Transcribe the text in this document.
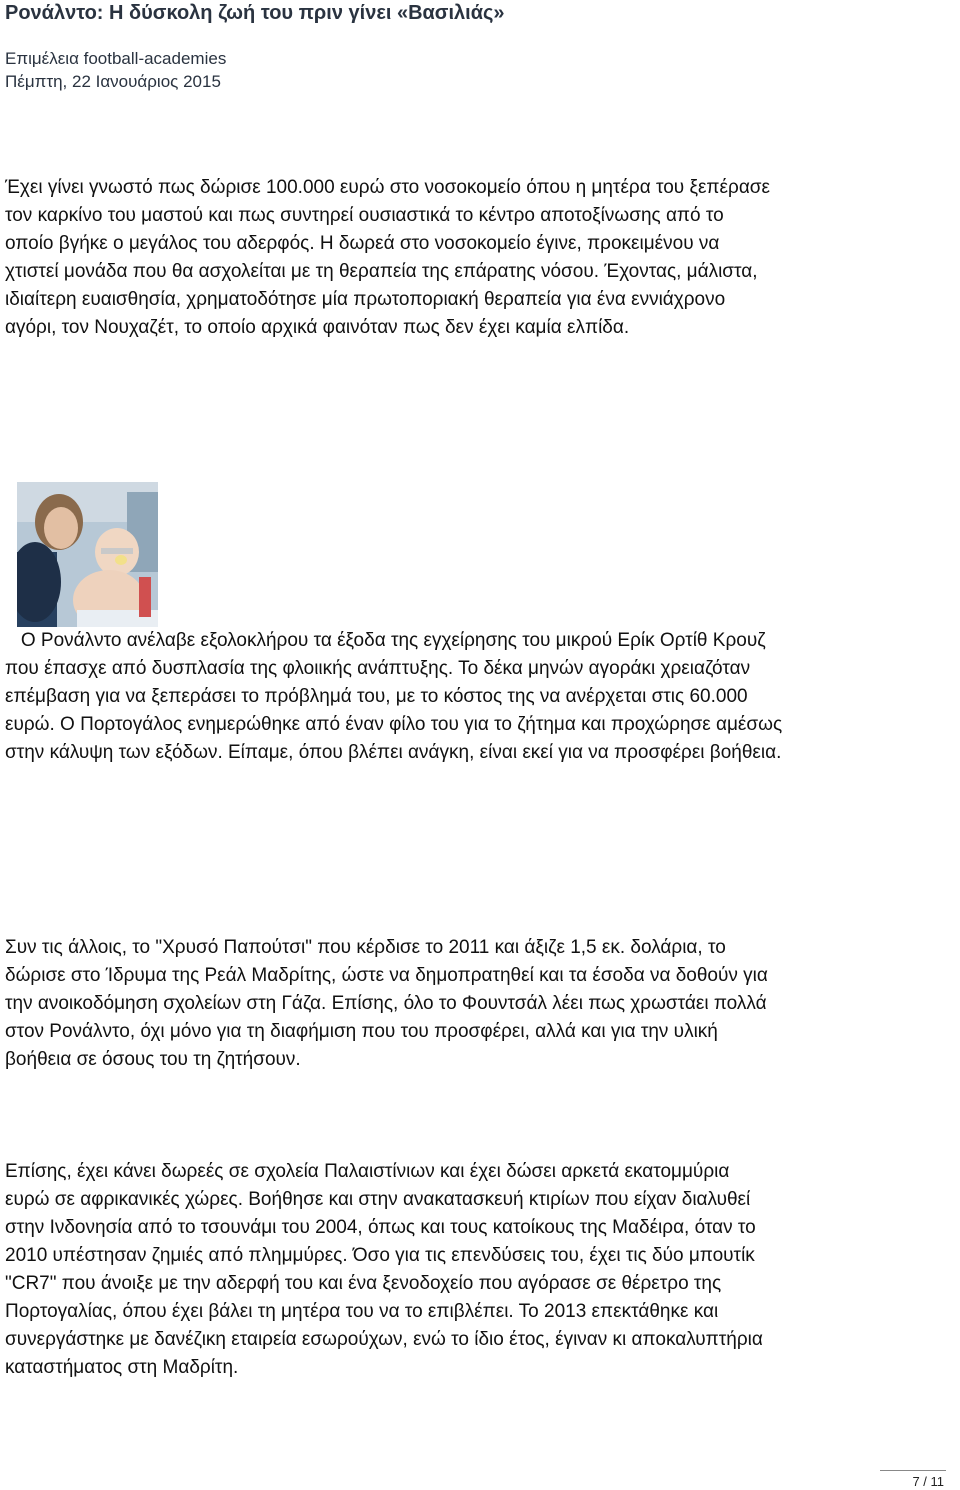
Ρονάλντο: Η δύσκολη ζωή του πριν γίνει «Βασιλιάς»
Επιμέλεια football-academies
Πέμπτη, 22 Ιανουάριος 2015
Έχει γίνει γνωστό πως δώρισε 100.000 ευρώ στο νοσοκομείο όπου η μητέρα του ξεπέρασε
τον καρκίνο του μαστού και πως συντηρεί ουσιαστικά το κέντρο αποτοξίνωσης από το
οποίο βγήκε ο μεγάλος του αδερφός. Η δωρεά στο νοσοκομείο έγινε, προκειμένου να
χτιστεί μονάδα που θα ασχολείται με τη θεραπεία της επάρατης νόσου. Έχοντας, μάλιστα,
ιδιαίτερη ευαισθησία, χρηματοδότησε μία πρωτοποριακή θεραπεία για ένα εννιάχρονο
αγόρι, τον Νουχαζέτ, το οποίο αρχικά φαινόταν πως δεν έχει καμία ελπίδα.
Ο Ρονάλντο ανέλαβε εξολοκλήρου τα έξοδα της εγχείρησης του μικρού Ερίκ Ορτίθ Κρουζ
που έπασχε από δυσπλασία της φλοιικής ανάπτυξης. Το δέκα μηνών αγοράκι χρειαζόταν
επέμβαση για να ξεπεράσει το πρόβλημά του, με το κόστος της να ανέρχεται στις 60.000
ευρώ. Ο Πορτογάλος ενημερώθηκε από έναν φίλο του για το ζήτημα και προχώρησε αμέσως
στην κάλυψη των εξόδων. Είπαμε, όπου βλέπει ανάγκη, είναι εκεί για να προσφέρει βοήθεια.
Συν τις άλλοις, το "Χρυσό Παπούτσι" που κέρδισε το 2011 και άξιζε 1,5 εκ. δολάρια, το
δώρισε στο Ίδρυμα της Ρεάλ Μαδρίτης, ώστε να δημοπρατηθεί και τα έσοδα να δοθούν για
την ανοικοδόμηση σχολείων στη Γάζα. Επίσης, όλο το Φουντσάλ λέει πως χρωστάει πολλά
στον Ρονάλντο, όχι μόνο για τη διαφήμιση που του προσφέρει, αλλά και για την υλική
βοήθεια σε όσους του τη ζητήσουν.
Επίσης, έχει κάνει δωρεές σε σχολεία Παλαιστίνιων και έχει δώσει αρκετά εκατομμύρια
ευρώ σε αφρικανικές χώρες. Βοήθησε και στην ανακατασκευή κτιρίων που είχαν διαλυθεί
στην Ινδονησία από το τσουνάμι του 2004, όπως και τους κατοίκους της Μαδέιρα, όταν το
2010 υπέστησαν ζημιές από πλημμύρες. Όσο για τις επενδύσεις του, έχει τις δύο μπουτίκ
"CR7" που άνοιξε με την αδερφή του και ένα ξενοδοχείο που αγόρασε σε θέρετρο της
Πορτογαλίας, όπου έχει βάλει τη μητέρα του να το επιβλέπει. Το 2013 επεκτάθηκε και
συνεργάστηκε με δανέζικη εταιρεία εσωρούχων, ενώ το ίδιο έτος, έγιναν κι αποκαλυπτήρια
καταστήματος στη Μαδρίτη.
7 / 11
